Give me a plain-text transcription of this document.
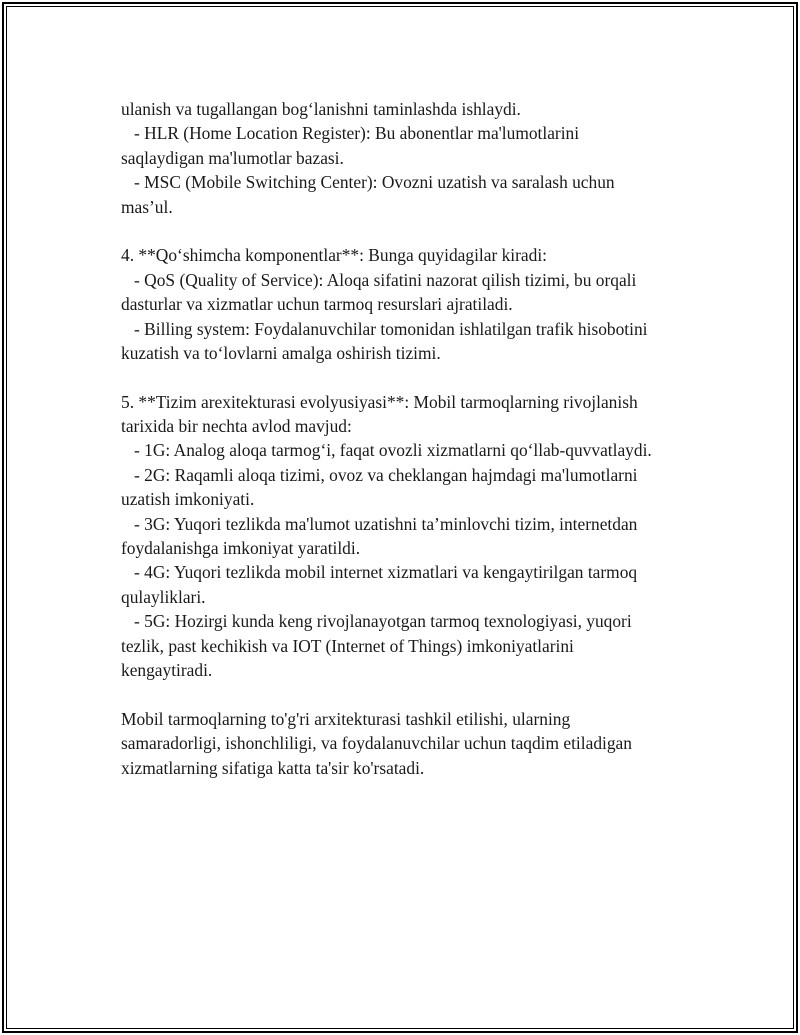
ulanish va tugallangan bog‘lanishni taminlashda ishlaydi.
- HLR (Home Location Register): Bu abonentlar ma'lumotlarini
saqlaydigan ma'lumotlar bazasi.
- MSC (Mobile Switching Center): Ovozni uzatish va saralash uchun
mas’ul.
4. **Qo‘shimcha komponentlar**: Bunga quyidagilar kiradi:
- QoS (Quality of Service): Aloqa sifatini nazorat qilish tizimi, bu orqali
dasturlar va xizmatlar uchun tarmoq resurslari ajratiladi.
- Billing system: Foydalanuvchilar tomonidan ishlatilgan trafik hisobotini
kuzatish va to‘lovlarni amalga oshirish tizimi.
5. **Tizim arexitekturasi evolyusiyasi**: Mobil tarmoqlarning rivojlanish
tarixida bir nechta avlod mavjud:
- 1G: Analog aloqa tarmog‘i, faqat ovozli xizmatlarni qo‘llab-quvvatlaydi.
- 2G: Raqamli aloqa tizimi, ovoz va cheklangan hajmdagi ma'lumotlarni
uzatish imkoniyati.
- 3G: Yuqori tezlikda ma'lumot uzatishni ta’minlovchi tizim, internetdan
foydalanishga imkoniyat yaratildi.
- 4G: Yuqori tezlikda mobil internet xizmatlari va kengaytirilgan tarmoq
qulayliklari.
- 5G: Hozirgi kunda keng rivojlanayotgan tarmoq texnologiyasi, yuqori
tezlik, past kechikish va IOT (Internet of Things) imkoniyatlarini
kengaytiradi.
Mobil tarmoqlarning to'g'ri arxitekturasi tashkil etilishi, ularning
samaradorligi, ishonchliligi, va foydalanuvchilar uchun taqdim etiladigan
xizmatlarning sifatiga katta ta'sir ko'rsatadi.
